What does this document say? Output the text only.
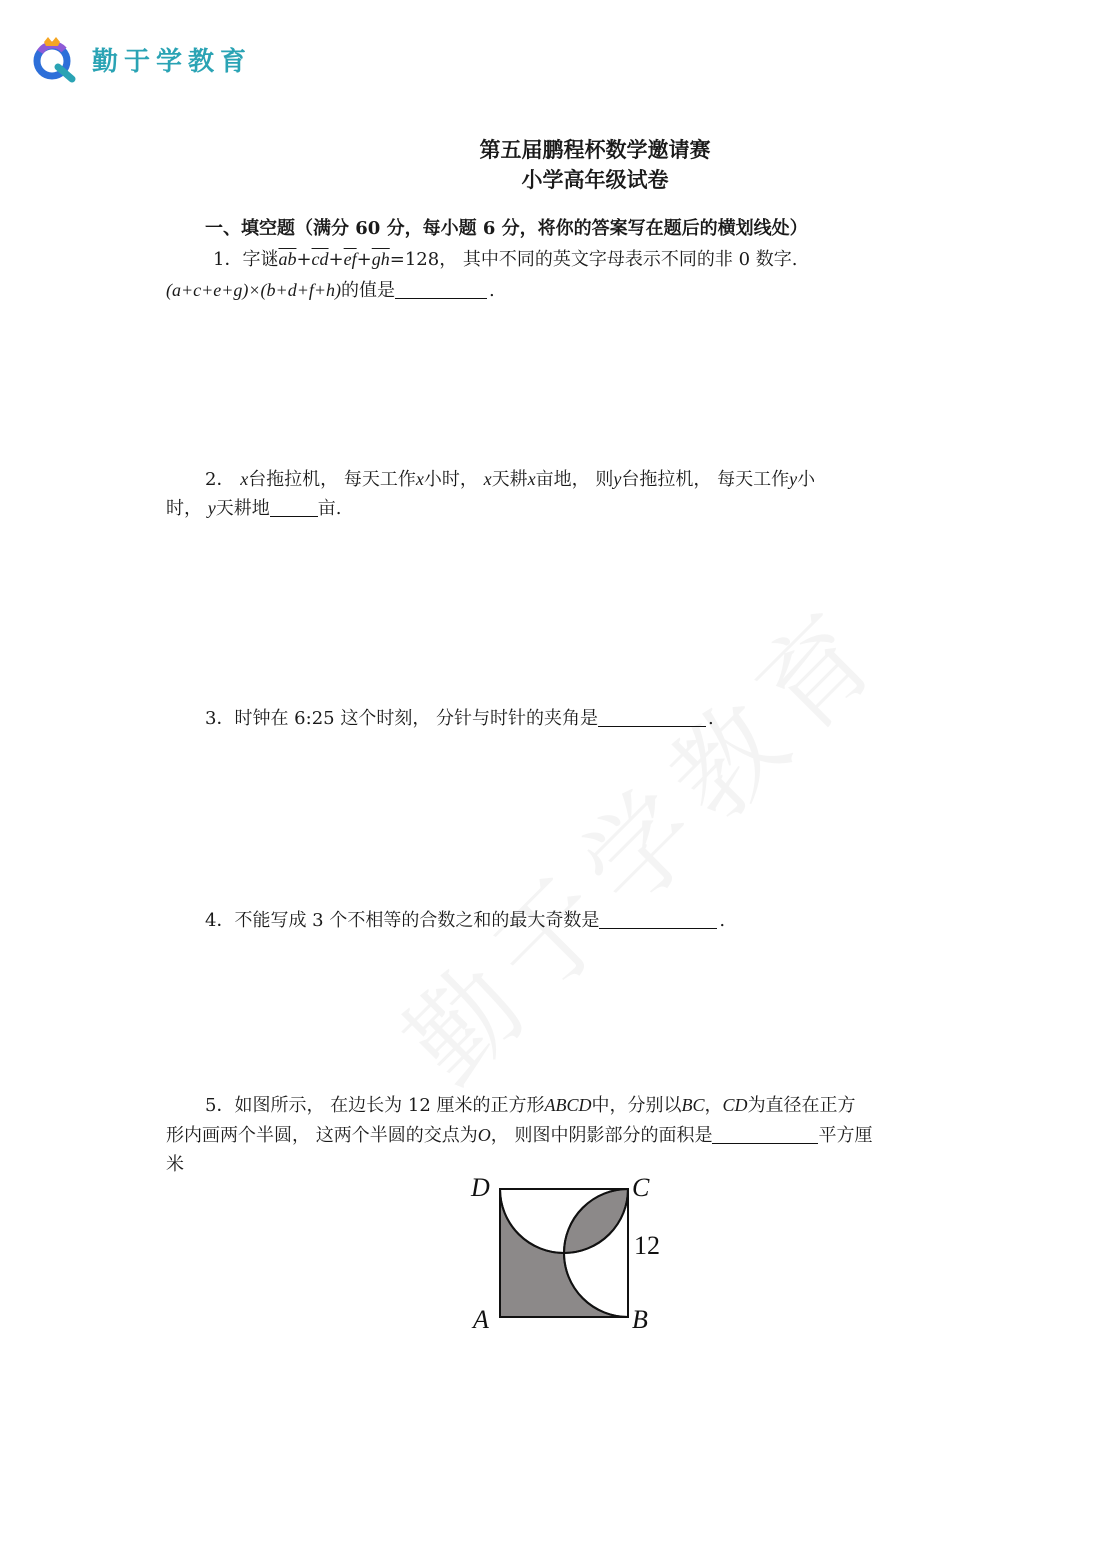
勤于学教育
第五届鹏程杯数学邀请赛
小学高年级试卷
一、填空题（满分 60 分，每小题 6 分，将你的答案写在题后的横划线处）
1．字谜$\overline{ab}+\overline{cd}+\overline{ef}+\overline{gh}=128$， 其中不同的英文字母表示不同的非 0 数字.
(a+c+e+g)×(b+d+f+h)的值是	.
2． x台拖拉机， 每天工作x小时， x天耕x亩地， 则y台拖拉机， 每天工作y小
时， y天耕地	亩.
3．时钟在 6:25 这个时刻， 分针与时针的夹角是	.
4．不能写成 3 个不相等的合数之和的最大奇数是	.
5．如图所示， 在边长为 12 厘米的正方形ABCD中，分别以BC，CD为直径在正方
形内画两个半圆， 这两个半圆的交点为O， 则图中阴影部分的面积是	平方厘
米
D	C
A	B
12
